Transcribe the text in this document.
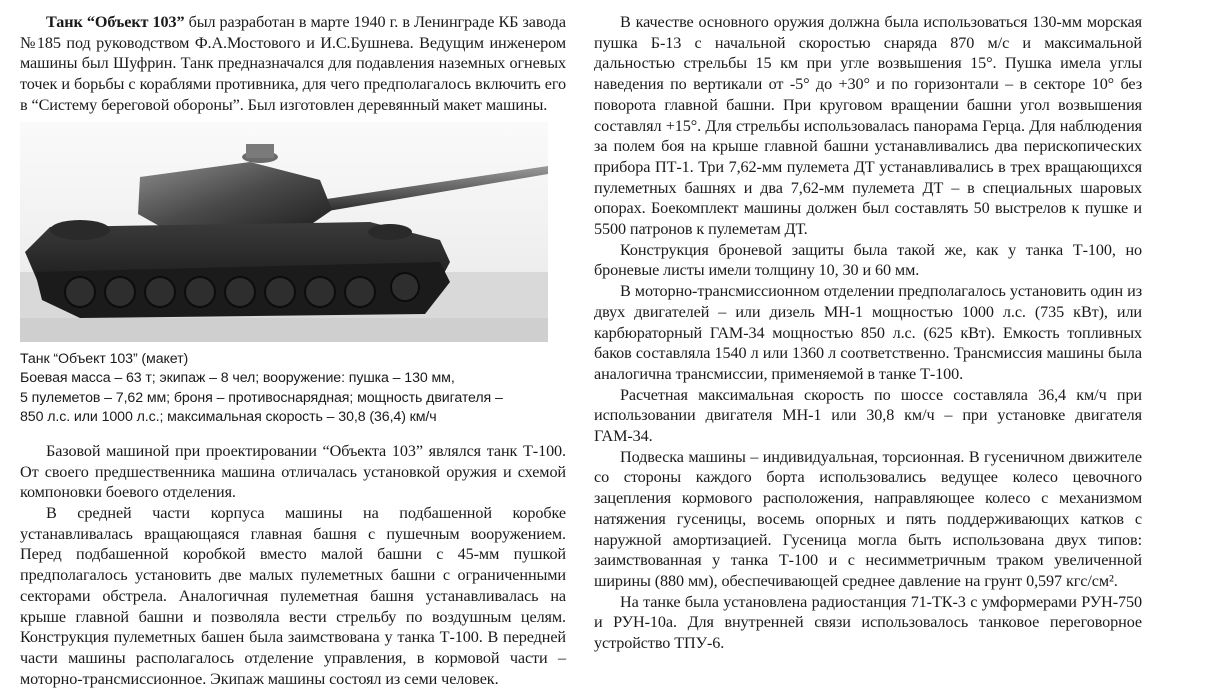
Танк “Объект 103” был разработан в марте 1940 г. в Ленинграде КБ завода №185 под руководством Ф.А.Мостового и И.С.Бушнева. Ведущим инженером машины был Шуфрин. Танк предназначался для подавления наземных огневых точек и борьбы с кораблями противника, для чего предполагалось включить его в “Систему береговой обороны”. Был изготовлен деревянный макет машины.

Танк “Объект 103” (макет)
Боевая масса – 63 т; экипаж – 8 чел; вооружение: пушка – 130 мм,
5 пулеметов – 7,62 мм; броня – противоснарядная; мощность двигателя –
850 л.с. или 1000 л.с.; максимальная скорость – 30,8 (36,4) км/ч

Базовой машиной при проектировании “Объекта 103” являлся танк Т-100. От своего предшественника машина отличалась установкой оружия и схемой компоновки боевого отделения.

В средней части корпуса машины на подбашенной коробке устанавливалась вращающаяся главная башня с пушечным вооружением. Перед подбашенной коробкой вместо малой башни с 45-мм пушкой предполагалось установить две малых пулеметных башни с ограниченными секторами обстрела. Аналогичная пулеметная башня устанавливалась на крыше главной башни и позволяла вести стрельбу по воздушным целям. Конструкция пулеметных башен была заимствована у танка Т-100. В передней части машины располагалось отделение управления, в кормовой части – моторно-трансмиссионное. Экипаж машины состоял из семи человек.

В качестве основного оружия должна была использоваться 130-мм морская пушка Б-13 с начальной скоростью снаряда 870 м/с и максимальной дальностью стрельбы 15 км при угле возвышения 15°. Пушка имела углы наведения по вертикали от -5° до +30° и по горизонтали – в секторе 10° без поворота главной башни. При круговом вращении башни угол возвышения составлял +15°. Для стрельбы использовалась панорама Герца. Для наблюдения за полем боя на крыше главной башни устанавливались два перископических прибора ПТ-1. Три 7,62-мм пулемета ДТ устанавливались в трех вращающихся пулеметных башнях и два 7,62-мм пулемета ДТ – в специальных шаровых опорах. Боекомплект машины должен был составлять 50 выстрелов к пушке и 5500 патронов к пулеметам ДТ.

Конструкция броневой защиты была такой же, как у танка Т-100, но броневые листы имели толщину 10, 30 и 60 мм.

В моторно-трансмиссионном отделении предполагалось установить один из двух двигателей – или дизель МН-1 мощностью 1000 л.с. (735 кВт), или карбюраторный ГАМ-34 мощностью 850 л.с. (625 кВт). Емкость топливных баков составляла 1540 л или 1360 л соответственно. Трансмиссия машины была аналогична трансмиссии, применяемой в танке Т-100.

Расчетная максимальная скорость по шоссе составляла 36,4 км/ч при использовании двигателя МН-1 или 30,8 км/ч – при установке двигателя ГАМ-34.

Подвеска машины – индивидуальная, торсионная. В гусеничном движителе со стороны каждого борта использовались ведущее колесо цевочного зацепления кормового расположения, направляющее колесо с механизмом натяжения гусеницы, восемь опорных и пять поддерживающих катков с наружной амортизацией. Гусеница могла быть использована двух типов: заимствованная у танка Т-100 и с несимметричным траком увеличенной ширины (880 мм), обеспечивающей среднее давление на грунт 0,597 кгс/см².

На танке была установлена радиостанция 71-ТК-3 с умформерами РУН-750 и РУН-10а. Для внутренней связи использовалось танковое переговорное устройство ТПУ-6.
